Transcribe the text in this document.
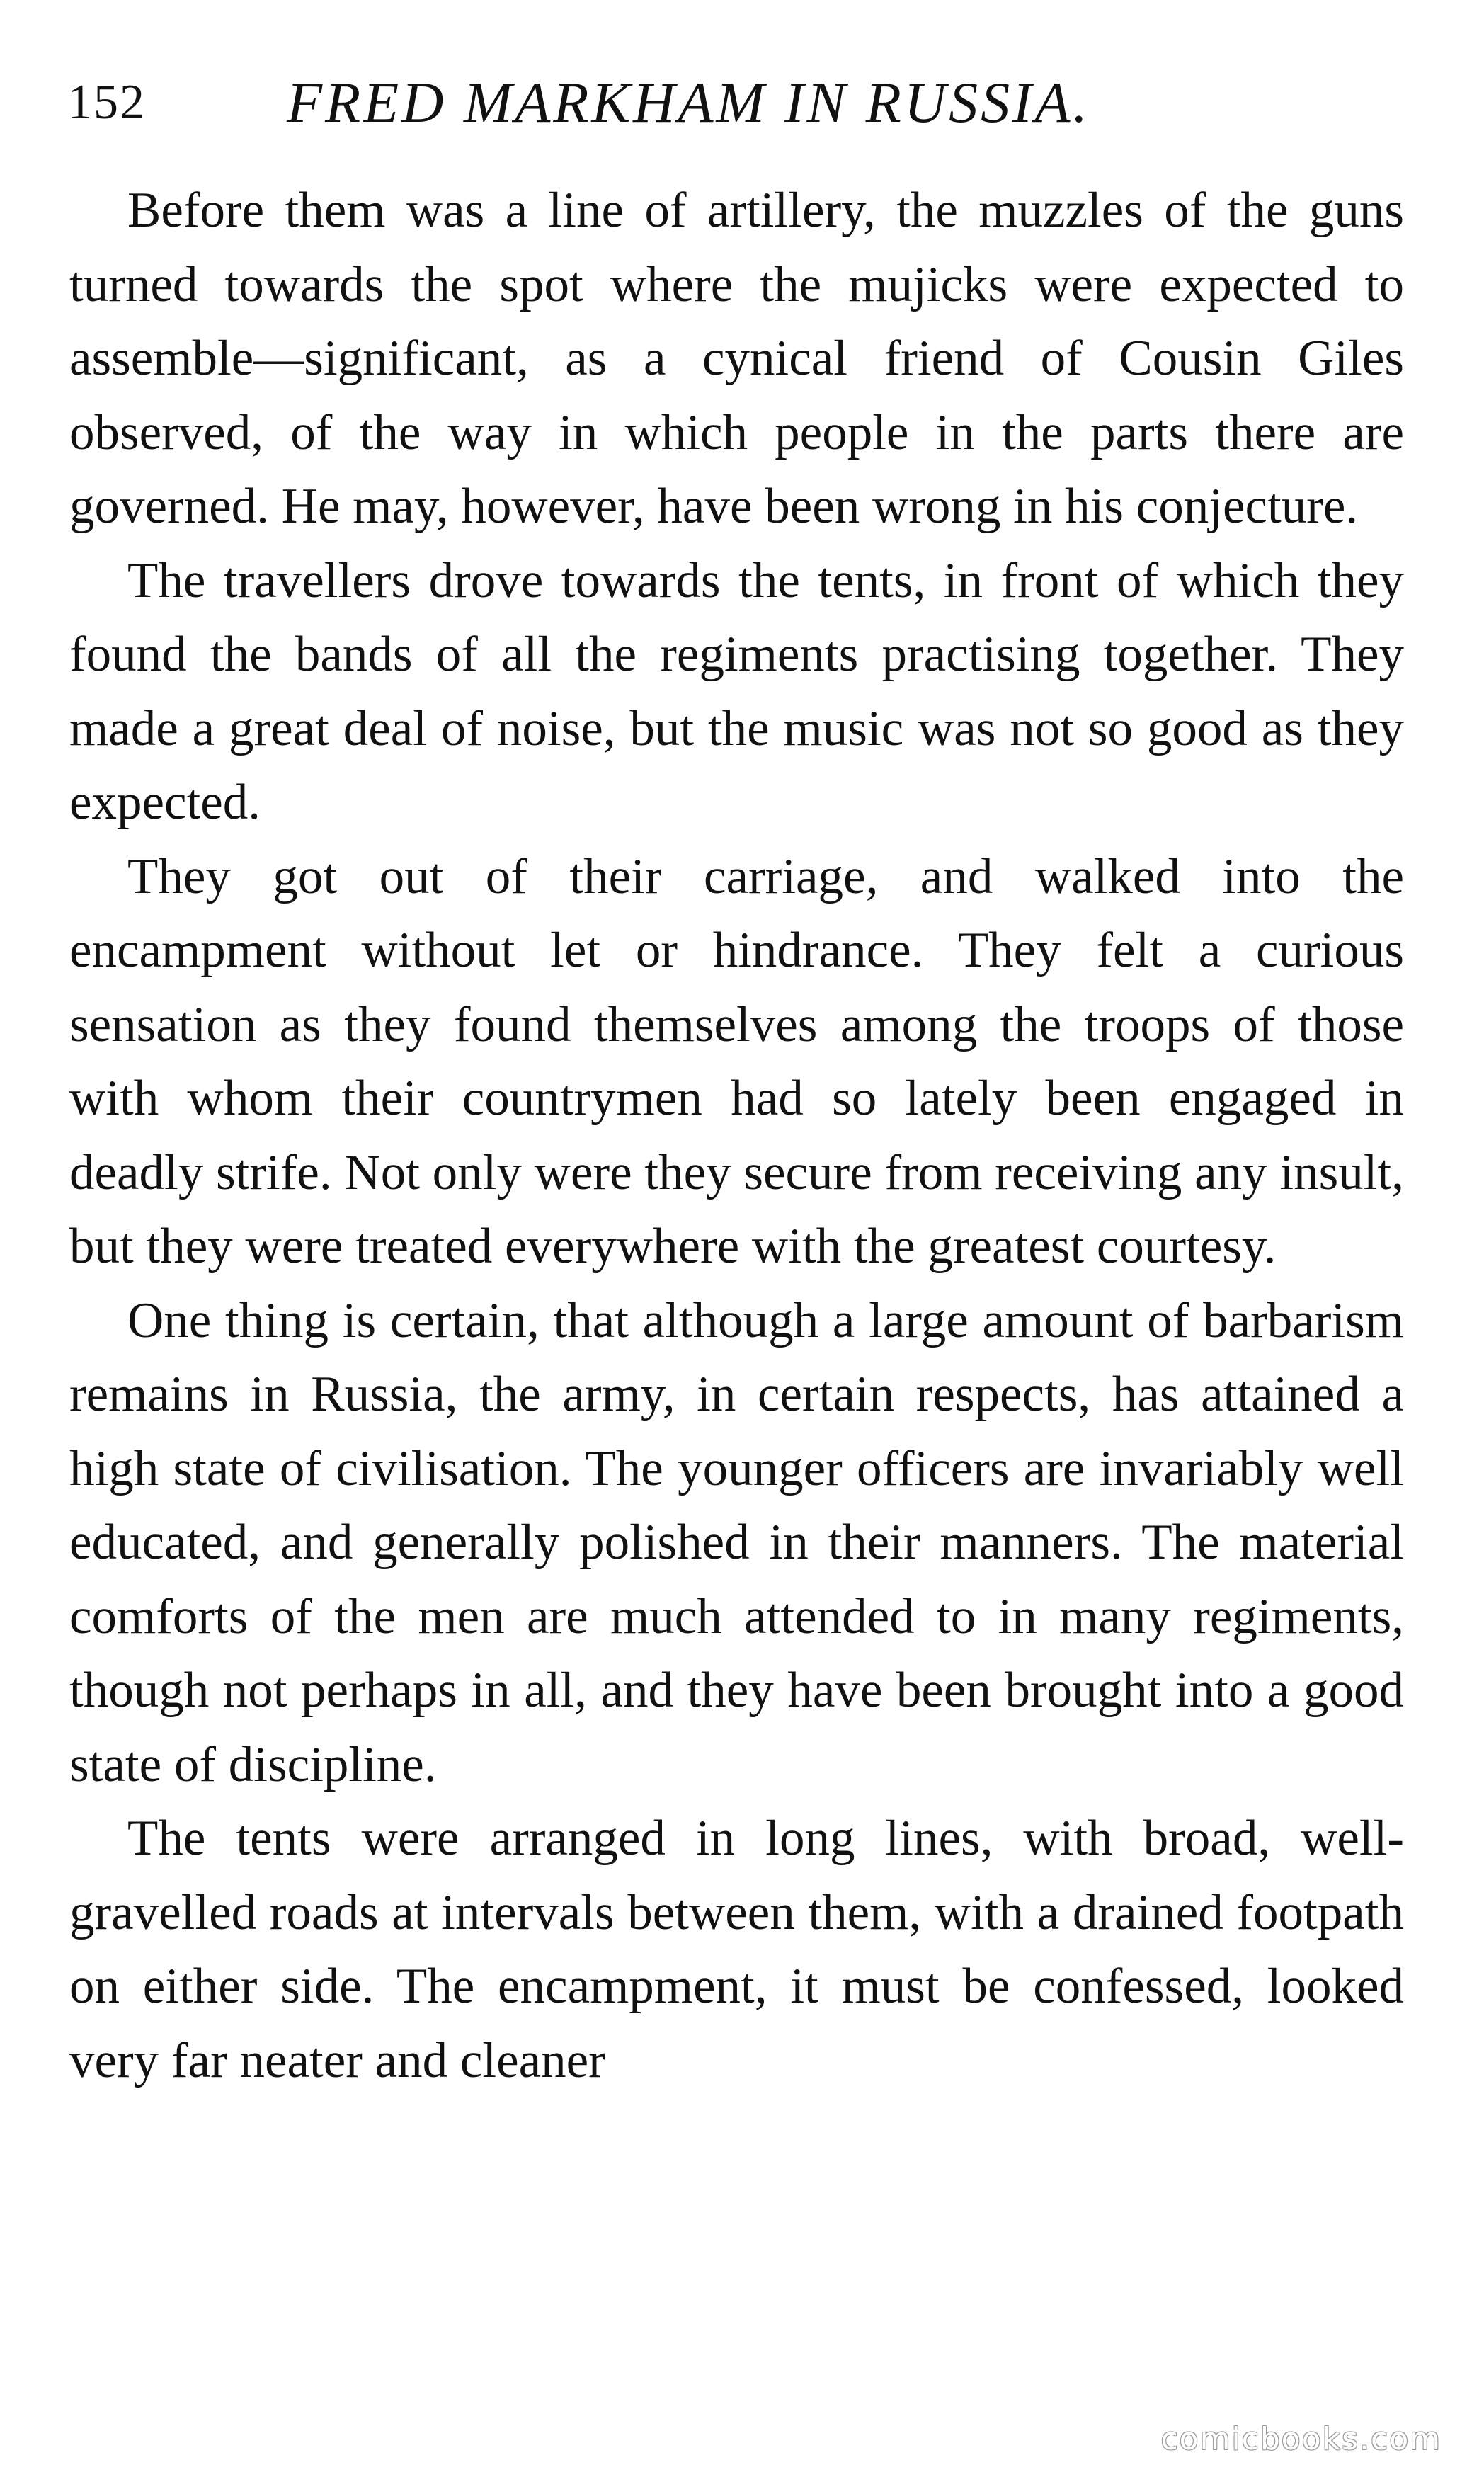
152 FRED MARKHAM IN RUSSIA.

Before them was a line of artillery, the muzzles of the guns turned towards the spot where the mujicks were expected to assemble—significant, as a cynical friend of Cousin Giles observed, of the way in which people in the parts there are governed. He may, however, have been wrong in his conjecture.

The travellers drove towards the tents, in front of which they found the bands of all the regiments practising together. They made a great deal of noise, but the music was not so good as they expected.

They got out of their carriage, and walked into the encampment without let or hindrance. They felt a curious sensation as they found themselves among the troops of those with whom their countrymen had so lately been engaged in deadly strife. Not only were they secure from receiving any insult, but they were treated everywhere with the greatest courtesy.

One thing is certain, that although a large amount of barbarism remains in Russia, the army, in certain respects, has attained a high state of civilisation. The younger officers are invariably well educated, and generally polished in their manners. The material comforts of the men are much attended to in many regiments, though not perhaps in all, and they have been brought into a good state of discipline.

The tents were arranged in long lines, with broad, well-gravelled roads at intervals between them, with a drained footpath on either side. The encampment, it must be confessed, looked very far neater and cleaner

comicbooks.com
